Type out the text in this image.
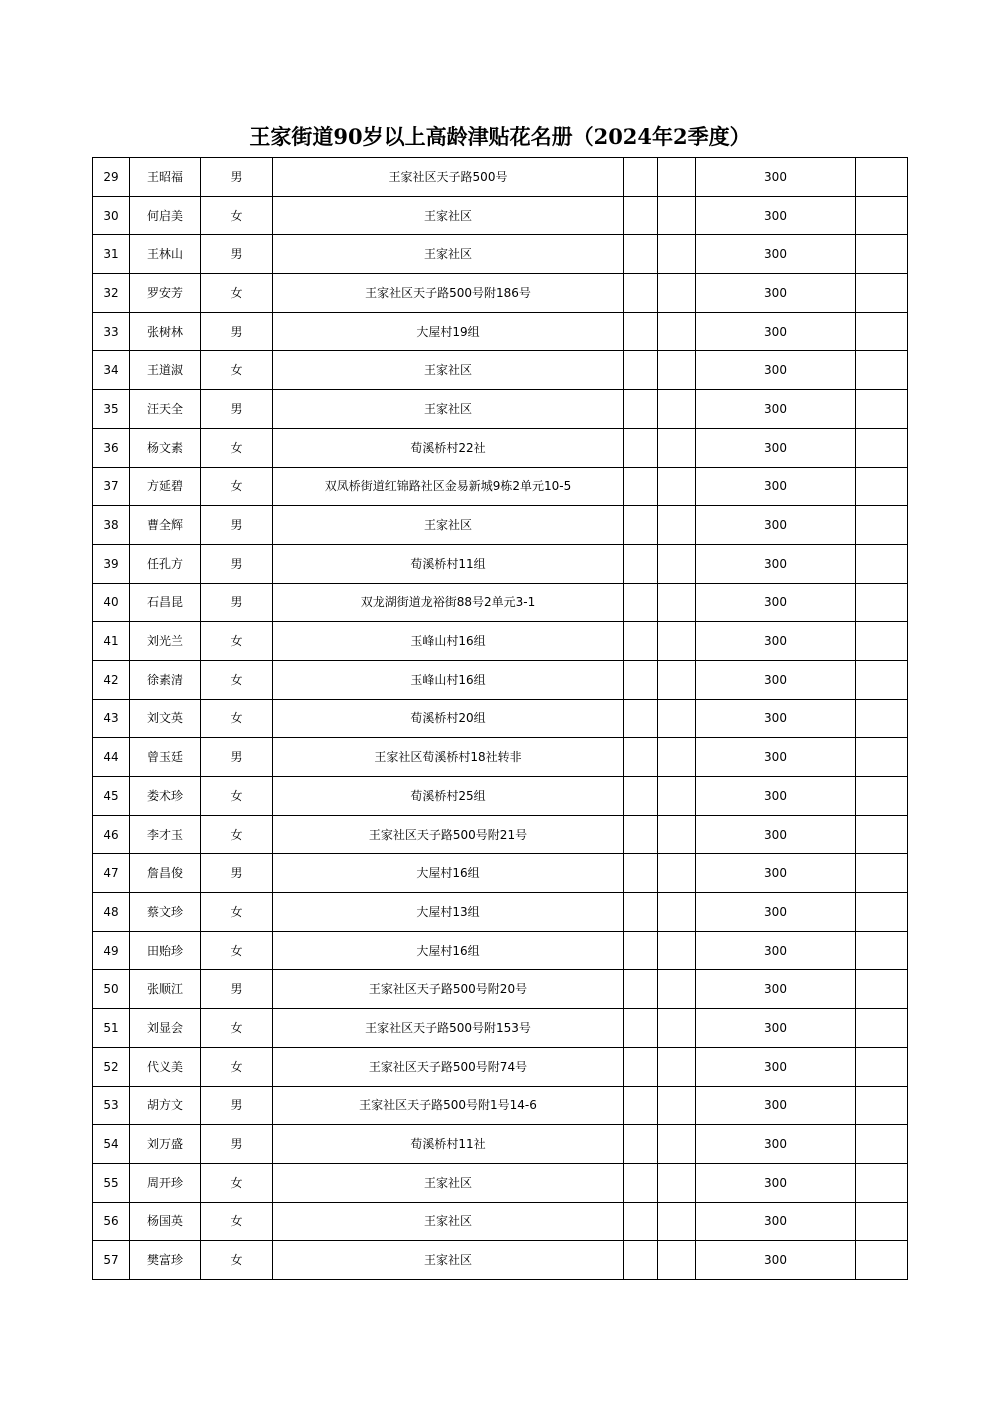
王家街道90岁以上高龄津贴花名册（2024年2季度）
29	王昭福	男	王家社区天子路500号			300	
30	何启美	女	王家社区			300	
31	王林山	男	王家社区			300	
32	罗安芳	女	王家社区天子路500号附186号			300	
33	张树林	男	大屋村19组			300	
34	王道淑	女	王家社区			300	
35	汪天全	男	王家社区			300	
36	杨文素	女	荀溪桥村22社			300	
37	方延碧	女	双凤桥街道红锦路社区金易新城9栋2单元10-5			300	
38	曹全辉	男	王家社区			300	
39	任孔方	男	荀溪桥村11组			300	
40	石昌昆	男	双龙湖街道龙裕街88号2单元3-1			300	
41	刘光兰	女	玉峰山村16组			300	
42	徐素清	女	玉峰山村16组			300	
43	刘文英	女	荀溪桥村20组			300	
44	曾玉廷	男	王家社区荀溪桥村18社转非			300	
45	娄术珍	女	荀溪桥村25组			300	
46	李才玉	女	王家社区天子路500号附21号			300	
47	詹昌俊	男	大屋村16组			300	
48	蔡文珍	女	大屋村13组			300	
49	田贻珍	女	大屋村16组			300	
50	张顺江	男	王家社区天子路500号附20号			300	
51	刘显会	女	王家社区天子路500号附153号			300	
52	代义美	女	王家社区天子路500号附74号			300	
53	胡方文	男	王家社区天子路500号附1号14-6			300	
54	刘万盛	男	荀溪桥村11社			300	
55	周开珍	女	王家社区			300	
56	杨国英	女	王家社区			300	
57	樊富珍	女	王家社区			300	
